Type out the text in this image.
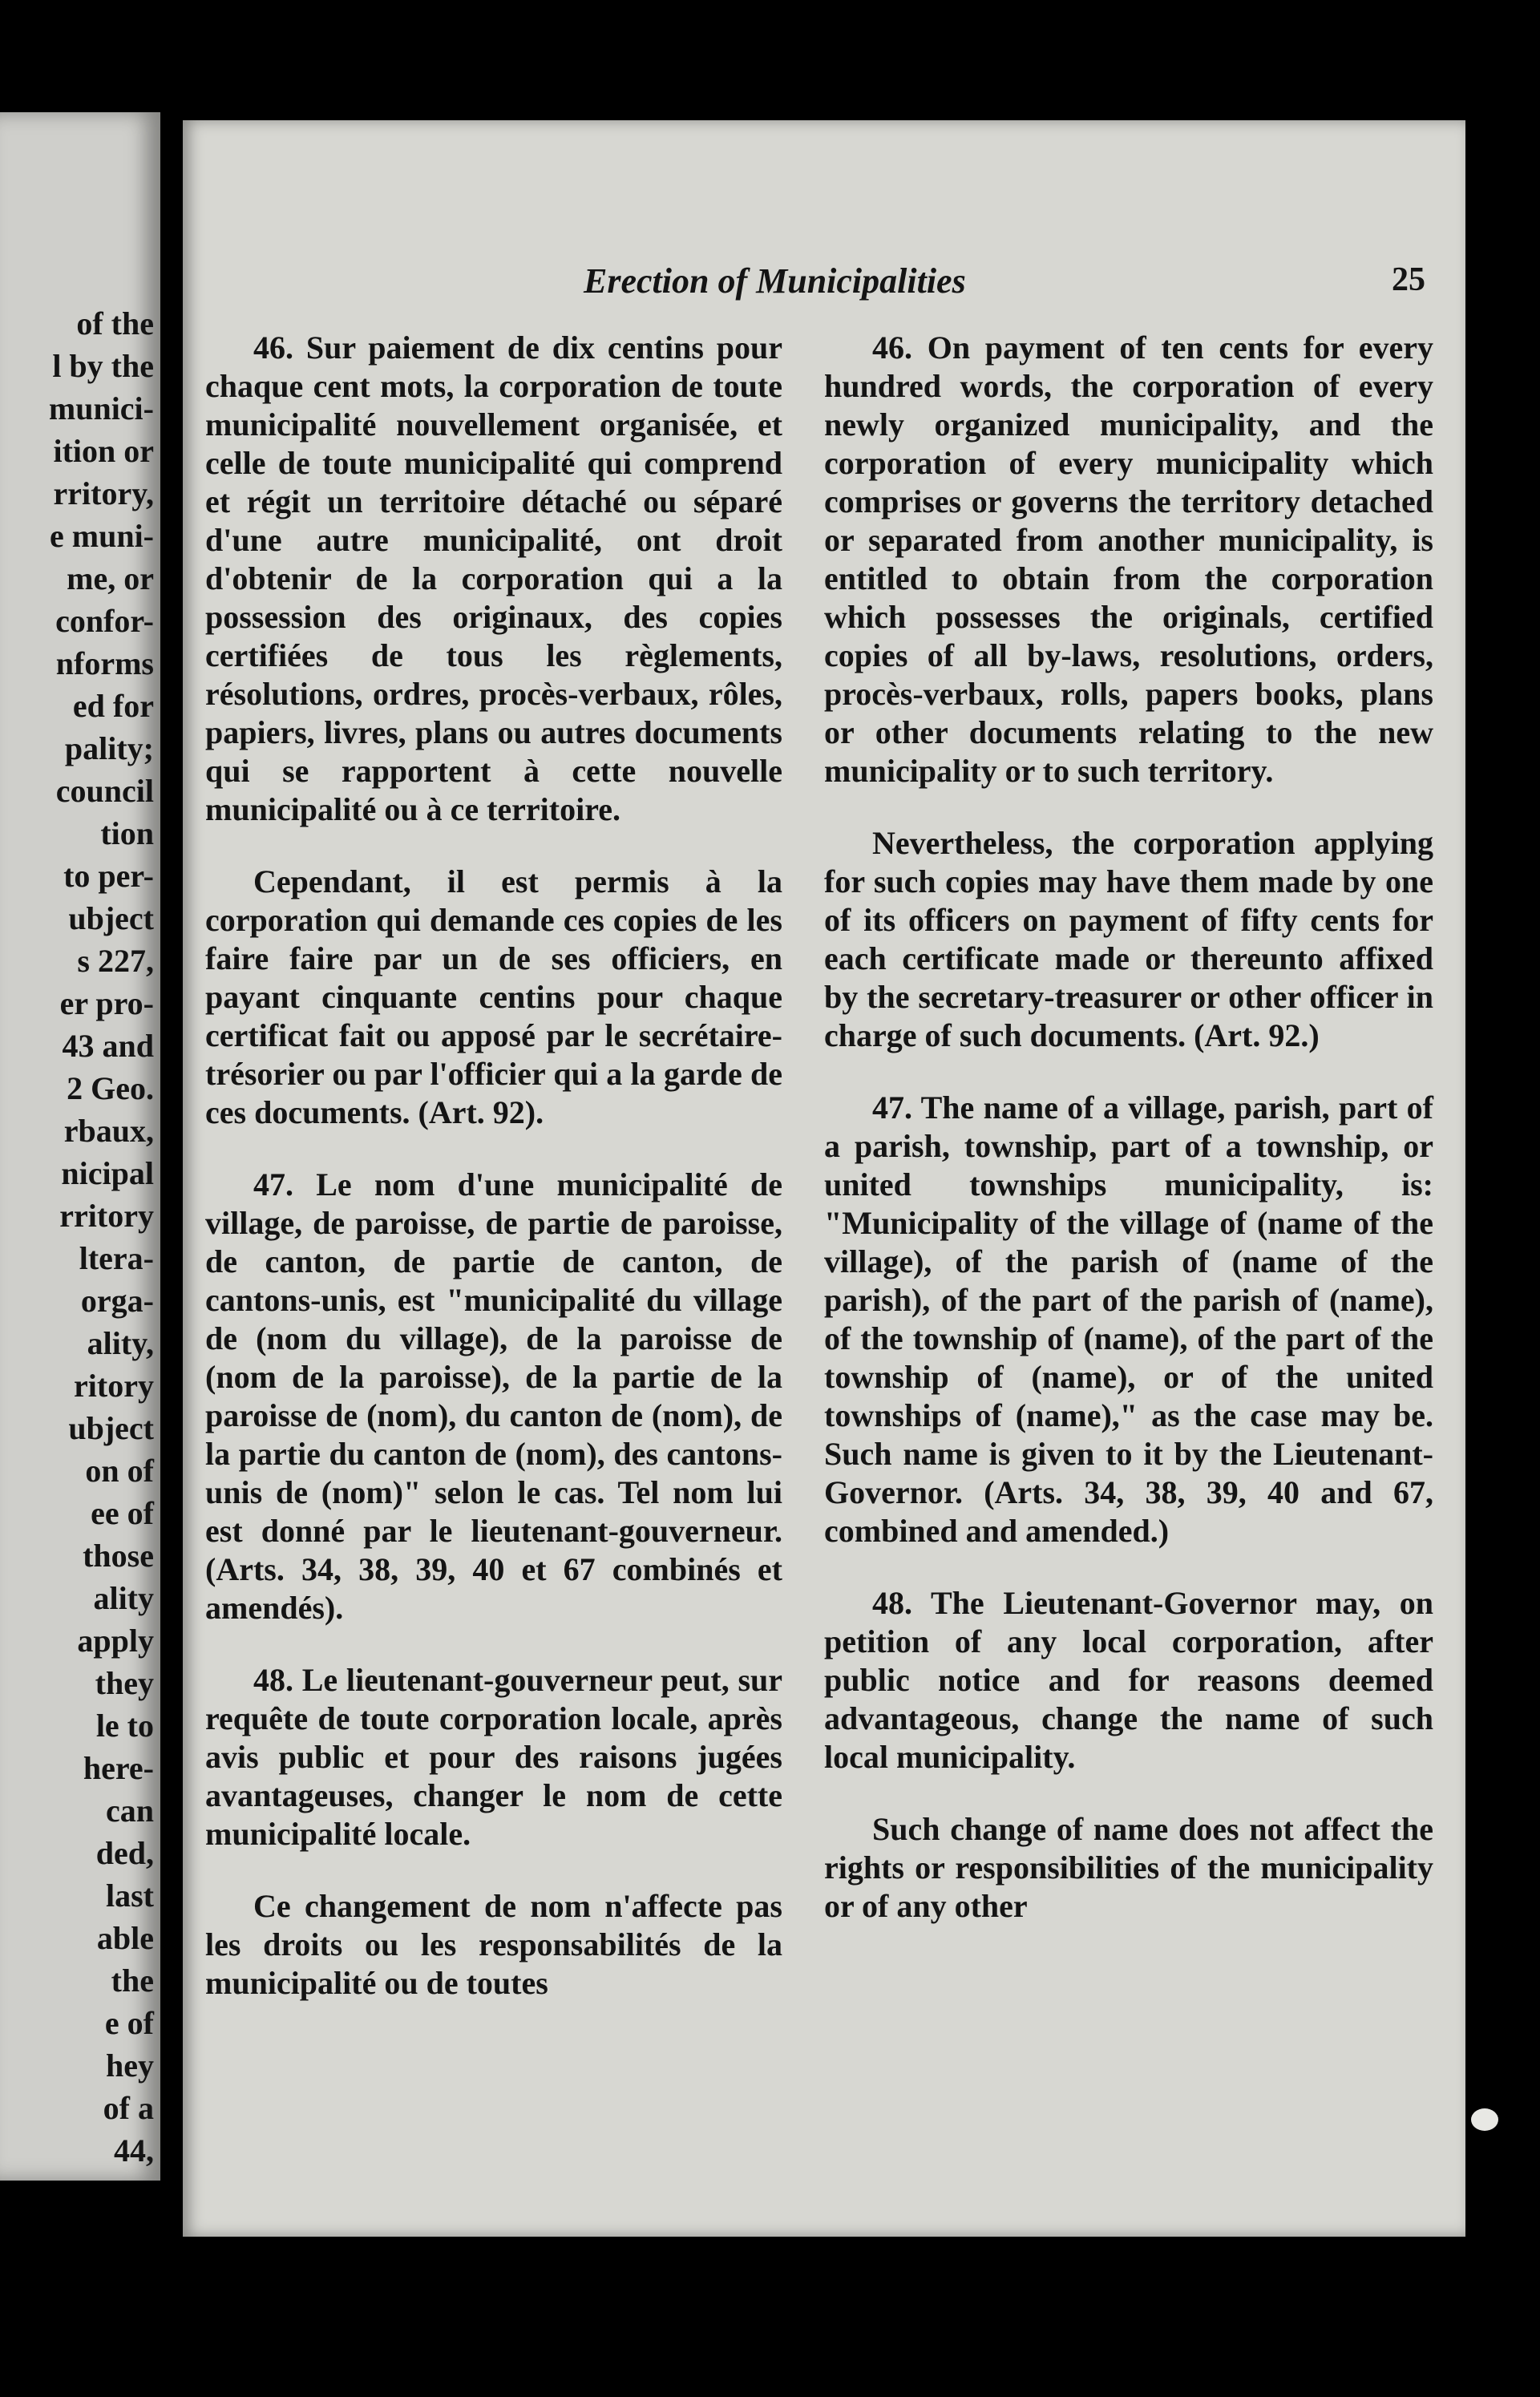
of the

l by the

munici-

ition or

rritory,

e muni-

me, or

confor-

nforms

ed for

pality;

council

tion

to per-

ubject

s 227,

er pro-

43 and

2 Geo.

rbaux,

nicipal

rritory

ltera-

orga-

ality,

ritory

ubject

on of

ee of

those

ality

apply

they

le to

here-

can

ded,

last

able

the

e of

hey

of a

44,

Erection of Municipalities	25

46. Sur paiement de dix centins pour chaque cent mots, la corporation de toute municipalité nouvellement organisée, et celle de toute municipalité qui comprend et régit un territoire détaché ou séparé d'une autre municipalité, ont droit d'obtenir de la corporation qui a la possession des originaux, des copies certifiées de tous les règlements, résolutions, ordres, procès-verbaux, rôles, papiers, livres, plans ou autres documents qui se rapportent à cette nouvelle municipalité ou à ce territoire.

Cependant, il est permis à la corporation qui demande ces copies de les faire faire par un de ses officiers, en payant cinquante centins pour chaque certificat fait ou apposé par le secrétaire-trésorier ou par l'officier qui a la garde de ces documents. (Art. 92).

47. Le nom d'une municipalité de village, de paroisse, de partie de paroisse, de canton, de partie de canton, de cantons-unis, est "municipalité du village de (nom du village), de la paroisse de (nom de la paroisse), de la partie de la paroisse de (nom), du canton de (nom), de la partie du canton de (nom), des cantons-unis de (nom)" selon le cas. Tel nom lui est donné par le lieutenant-gouverneur. (Arts. 34, 38, 39, 40 et 67 combinés et amendés).

48. Le lieutenant-gouverneur peut, sur requête de toute corporation locale, après avis public et pour des raisons jugées avantageuses, changer le nom de cette municipalité locale.

Ce changement de nom n'affecte pas les droits ou les responsabilités de la municipalité ou de toutes

46. On payment of ten cents for every hundred words, the corporation of every newly organized municipality, and the corporation of every municipality which comprises or governs the territory detached or separated from another municipality, is entitled to obtain from the corporation which possesses the originals, certified copies of all by-laws, resolutions, orders, procès-verbaux, rolls, papers books, plans or other documents relating to the new municipality or to such territory.

Nevertheless, the corporation applying for such copies may have them made by one of its officers on payment of fifty cents for each certificate made or thereunto affixed by the secretary-treasurer or other officer in charge of such documents. (Art. 92.)

47. The name of a village, parish, part of a parish, township, part of a township, or united townships municipality, is: "Municipality of the village of (name of the village), of the parish of (name of the parish), of the part of the parish of (name), of the township of (name), of the part of the township of (name), or of the united townships of (name)," as the case may be. Such name is given to it by the Lieutenant-Governor. (Arts. 34, 38, 39, 40 and 67, combined and amended.)

48. The Lieutenant-Governor may, on petition of any local corporation, after public notice and for reasons deemed advantageous, change the name of such local municipality.

Such change of name does not affect the rights or responsibilities of the municipality or of any other
